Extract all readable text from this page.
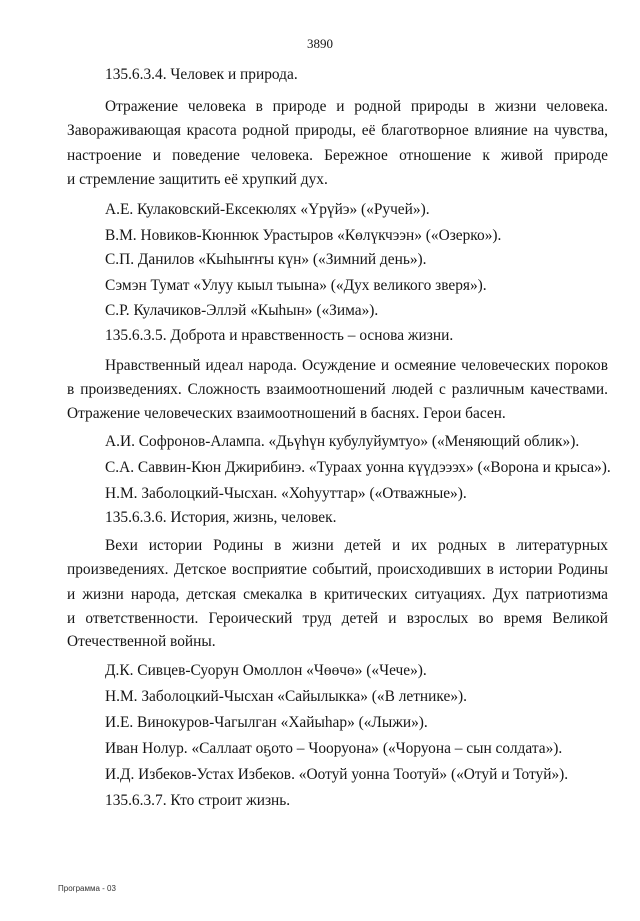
3890
135.6.3.4. Человек и природа.
Отражение человека в природе и родной природы в жизни человека.
Завораживающая красота родной природы, её благотворное влияние на чувства,
настроение и поведение человека. Бережное отношение к живой природе
и стремление защитить её хрупкий дух.
А.Е. Кулаковский-Ексекюлях «Үрүйэ» («Ручей»).
В.М. Новиков-Кюннюк Урастыров «Көлүкчээн» («Озерко»).
С.П. Данилов «Кыһыҥҥы күн» («Зимний день»).
Сэмэн Тумат «Улуу кыыл тыына» («Дух великого зверя»).
С.Р. Кулачиков-Эллэй «Кыһын» («Зима»).
135.6.3.5. Доброта и нравственность – основа жизни.
Нравственный идеал народа. Осуждение и осмеяние человеческих пороков
в произведениях. Сложность взаимоотношений людей с различным качествами.
Отражение человеческих взаимоотношений в баснях. Герои басен.
А.И. Софронов-Алампа. «Дьүһүн кубулуйумтуо» («Меняющий облик»).
С.А. Саввин-Кюн Джирибинэ. «Тураах уонна күүдэээх» («Ворона и крыса»).
Н.М. Заболоцкий-Чысхан. «Хоһууттар» («Отважные»).
135.6.3.6. История, жизнь, человек.
Вехи истории Родины в жизни детей и их родных в литературных
произведениях. Детское восприятие событий, происходивших в истории Родины
и жизни народа, детская смекалка в критических ситуациях. Дух патриотизма
и ответственности. Героический труд детей и взрослых во время Великой
Отечественной войны.
Д.К. Сивцев-Суорун Омоллон «Чөөчө» («Чече»).
Н.М. Заболоцкий-Чысхан «Сайылыкка» («В летнике»).
И.Е. Винокуров-Чагылган «Хайыһар» («Лыжи»).
Иван Нолур. «Саллаат оҕото – Чооруона» («Чоруона – сын солдата»).
И.Д. Избеков-Устах Избеков. «Оотуй уонна Тоотуй» («Отуй и Тотуй»).
135.6.3.7. Кто строит жизнь.
Программа - 03
